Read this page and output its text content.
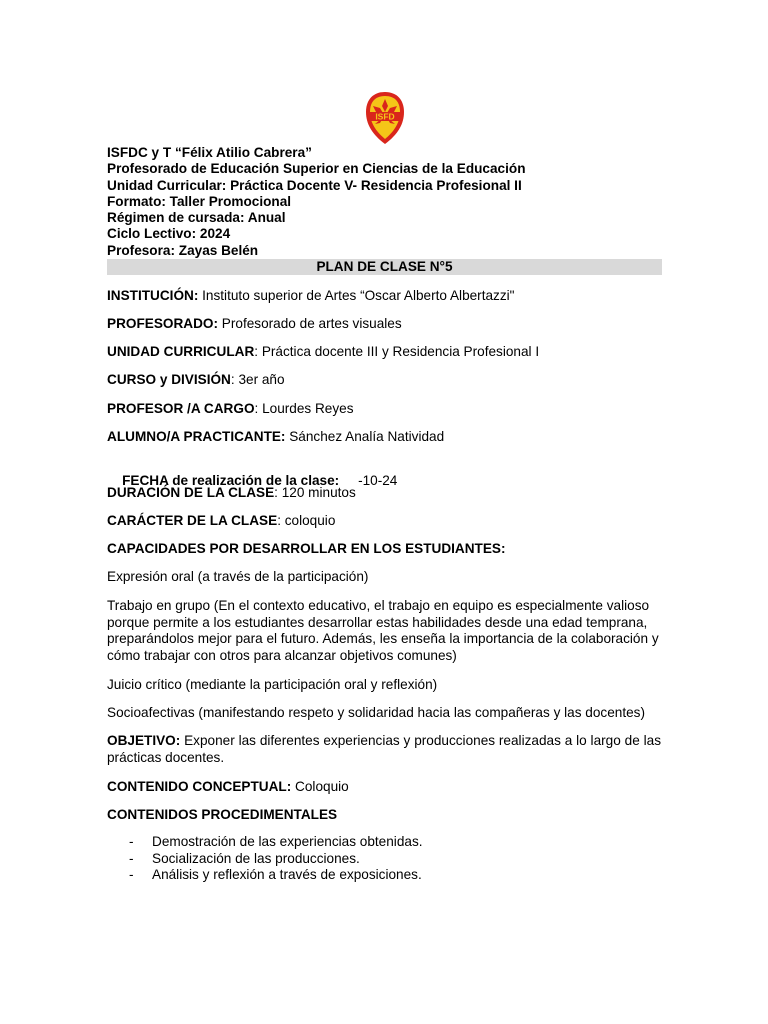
ISFD
ISFDC y T “Félix Atilio Cabrera”
Profesorado de Educación Superior en Ciencias de la Educación
Unidad Curricular: Práctica Docente V- Residencia Profesional II
Formato: Taller Promocional
Régimen de cursada: Anual
Ciclo Lectivo: 2024
Profesora: Zayas Belén
PLAN DE CLASE N°5
INSTITUCIÓN: Instituto superior de Artes “Oscar Alberto Albertazzi"
PROFESORADO: Profesorado de artes visuales
UNIDAD CURRICULAR: Práctica docente III y Residencia Profesional I
CURSO y DIVISIÓN: 3er año
PROFESOR /A CARGO: Lourdes Reyes
ALUMNO/A PRACTICANTE: Sánchez Analía Natividad

FECHA de realización de la clase:     -10-24

DURACIÓN DE LA CLASE: 120 minutos
CARÁCTER DE LA CLASE: coloquio
CAPACIDADES POR DESARROLLAR EN LOS ESTUDIANTES:
Expresión oral (a través de la participación)
Trabajo en grupo (En el contexto educativo, el trabajo en equipo es especialmente valioso porque permite a los estudiantes desarrollar estas habilidades desde una edad temprana, preparándolos mejor para el futuro. Además, les enseña la importancia de la colaboración y cómo trabajar con otros para alcanzar objetivos comunes)
Juicio crítico (mediante la participación oral y reflexión)
Socioafectivas (manifestando respeto y solidaridad hacia las compañeras y las docentes)
OBJETIVO: Exponer las diferentes experiencias y producciones realizadas a lo largo de las prácticas docentes.
CONTENIDO CONCEPTUAL: Coloquio
CONTENIDOS PROCEDIMENTALES
-	Demostración de las experiencias obtenidas.
-	Socialización de las producciones.
-	Análisis y reflexión a través de exposiciones.
